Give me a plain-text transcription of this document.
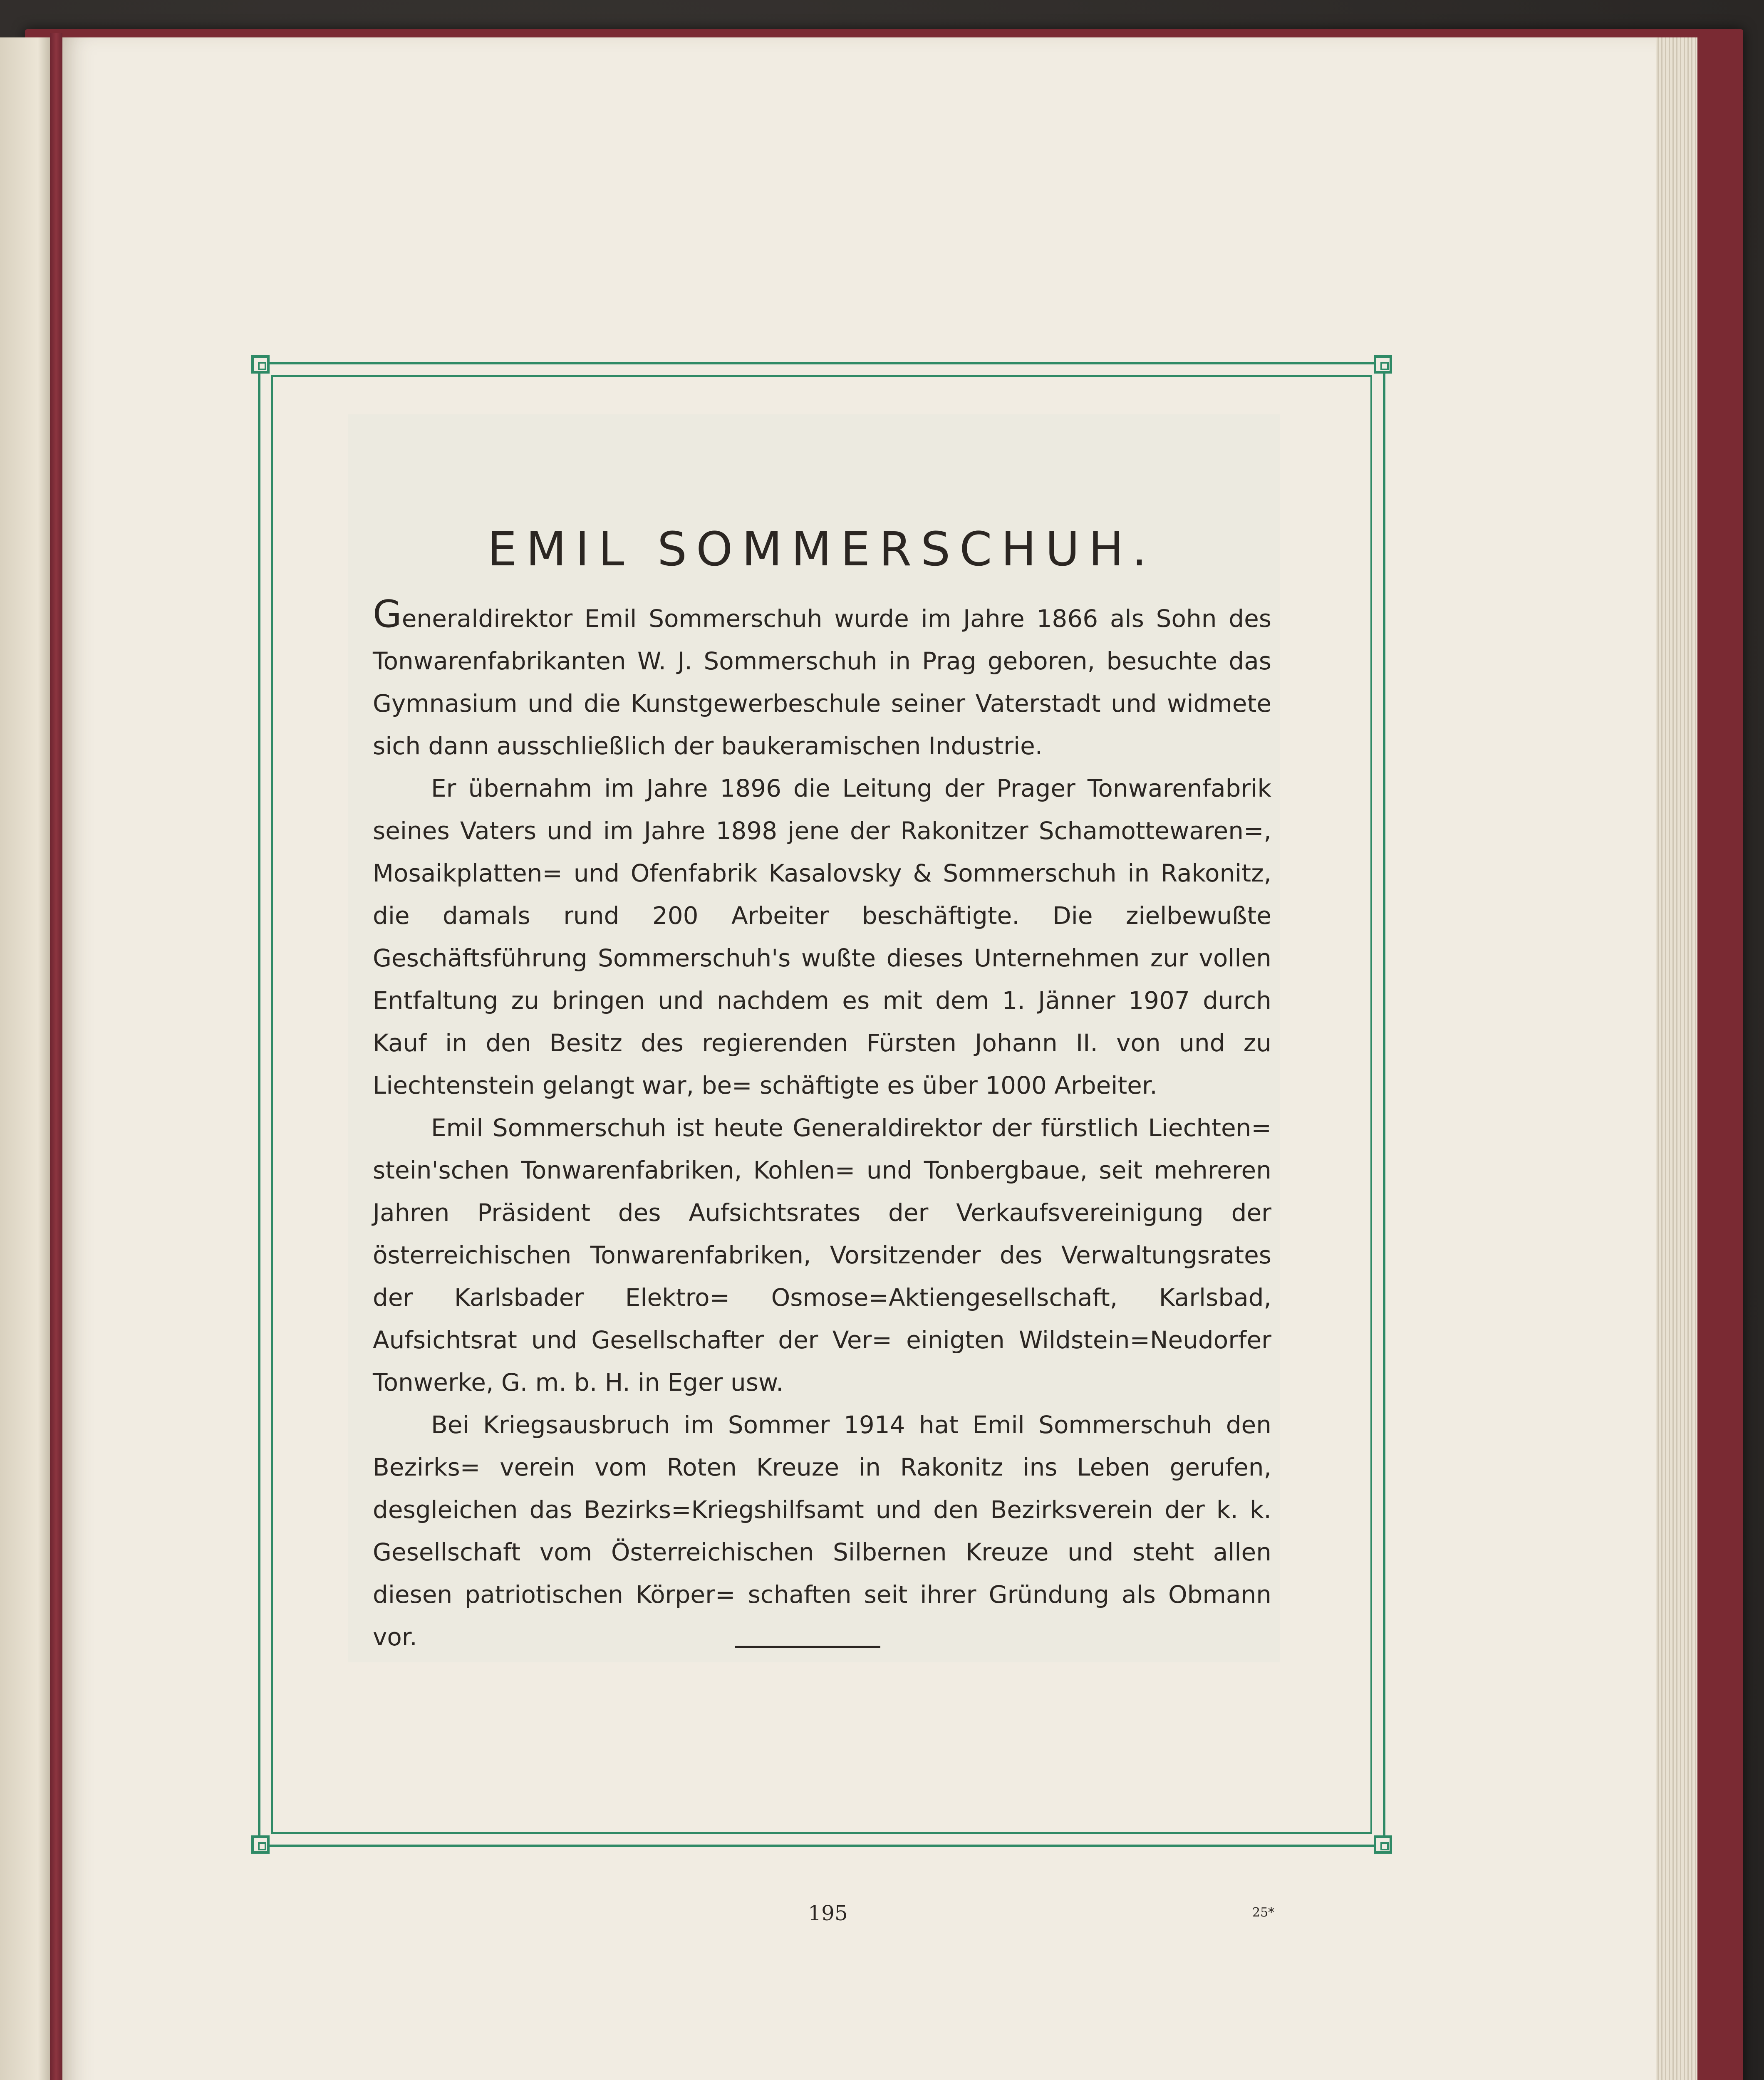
EMIL SOMMERSCHUH.

Generaldirektor Emil Sommerschuh wurde im Jahre 1866 als Sohn des Tonwarenfabrikanten W. J. Sommerschuh in Prag geboren, besuchte das Gymnasium und die Kunstgewerbeschule seiner Vaterstadt und widmete sich dann ausschließlich der baukeramischen Industrie.

Er übernahm im Jahre 1896 die Leitung der Prager Tonwarenfabrik seines Vaters und im Jahre 1898 jene der Rakonitzer Schamottewaren=, Mosaikplatten= und Ofenfabrik Kasalovsky & Sommerschuh in Rakonitz, die damals rund 200 Arbeiter beschäftigte. Die zielbewußte Geschäftsführung Sommerschuh's wußte dieses Unternehmen zur vollen Entfaltung zu bringen und nachdem es mit dem 1. Jänner 1907 durch Kauf in den Besitz des regierenden Fürsten Johann II. von und zu Liechtenstein gelangt war, be= schäftigte es über 1000 Arbeiter.

Emil Sommerschuh ist heute Generaldirektor der fürstlich Liechten= stein'schen Tonwarenfabriken, Kohlen= und Tonbergbaue, seit mehreren Jahren Präsident des Aufsichtsrates der Verkaufsvereinigung der österreichischen Tonwarenfabriken, Vorsitzender des Verwaltungsrates der Karlsbader Elektro= Osmose=Aktiengesellschaft, Karlsbad, Aufsichtsrat und Gesellschafter der Ver= einigten Wildstein=Neudorfer Tonwerke, G. m. b. H. in Eger usw.

Bei Kriegsausbruch im Sommer 1914 hat Emil Sommerschuh den Bezirks= verein vom Roten Kreuze in Rakonitz ins Leben gerufen, desgleichen das Bezirks=Kriegshilfsamt und den Bezirksverein der k. k. Gesellschaft vom Österreichischen Silbernen Kreuze und steht allen diesen patriotischen Körper= schaften seit ihrer Gründung als Obmann vor.

195	25*
